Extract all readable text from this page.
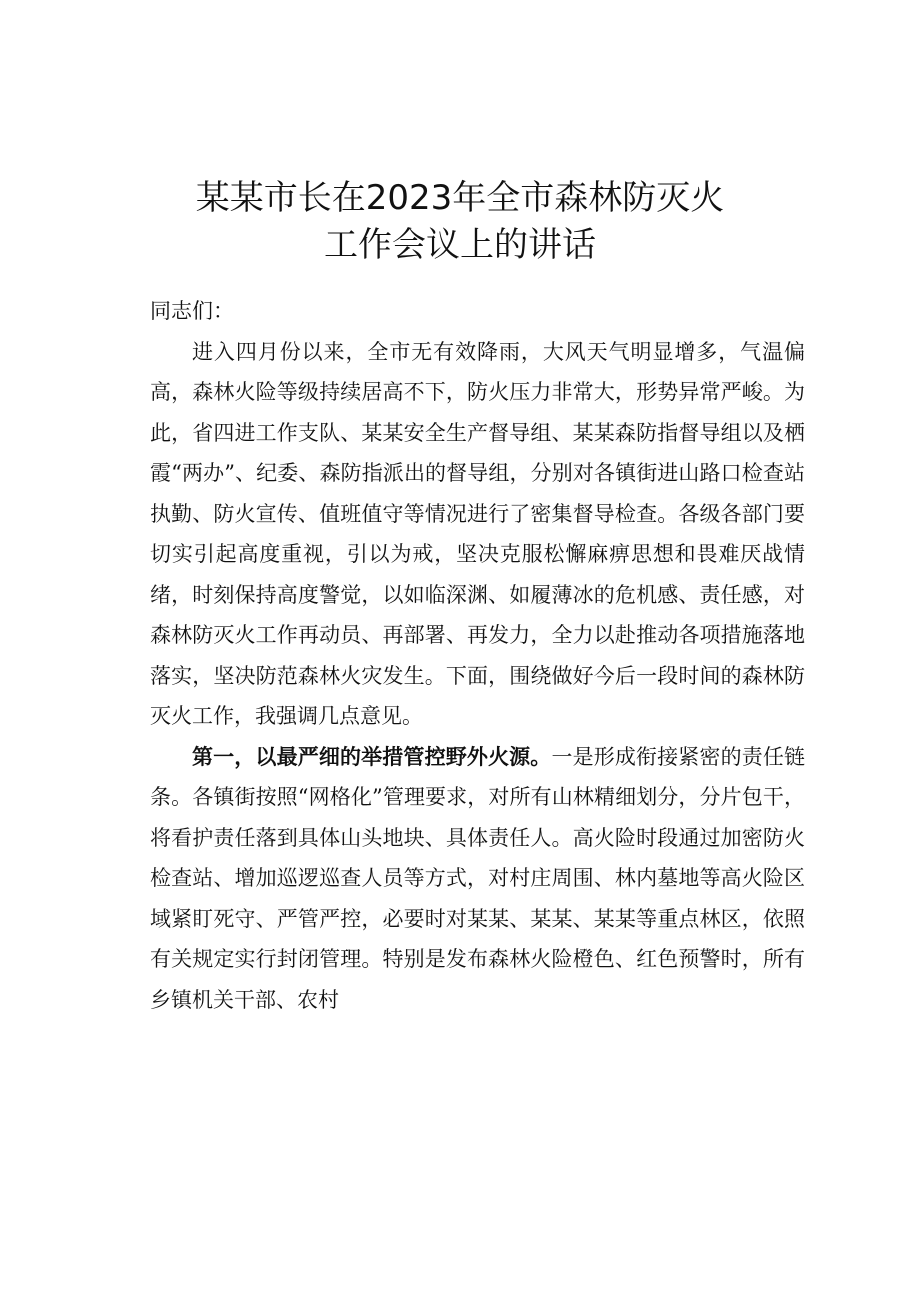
某某市长在2023年全市森林防灭火
工作会议上的讲话

同志们：

进入四月份以来，全市无有效降雨，大风天气明显增多，气温偏高，森林火险等级持续居高不下，防火压力非常大，形势异常严峻。为此，省四进工作支队、某某安全生产督导组、某某森防指督导组以及栖霞“两办”、纪委、森防指派出的督导组，分别对各镇街进山路口检查站执勤、防火宣传、值班值守等情况进行了密集督导检查。各级各部门要切实引起高度重视，引以为戒，坚决克服松懈麻痹思想和畏难厌战情绪，时刻保持高度警觉，以如临深渊、如履薄冰的危机感、责任感，对森林防灭火工作再动员、再部署、再发力，全力以赴推动各项措施落地落实，坚决防范森林火灾发生。下面，围绕做好今后一段时间的森林防灭火工作，我强调几点意见。

第一，以最严细的举措管控野外火源。一是形成衔接紧密的责任链条。各镇街按照“网格化”管理要求，对所有山林精细划分，分片包干，将看护责任落到具体山头地块、具体责任人。高火险时段通过加密防火检查站、增加巡逻巡查人员等方式，对村庄周围、林内墓地等高火险区域紧盯死守、严管严控，必要时对某某、某某、某某等重点林区，依照有关规定实行封闭管理。特别是发布森林火险橙色、红色预警时，所有乡镇机关干部、农村
